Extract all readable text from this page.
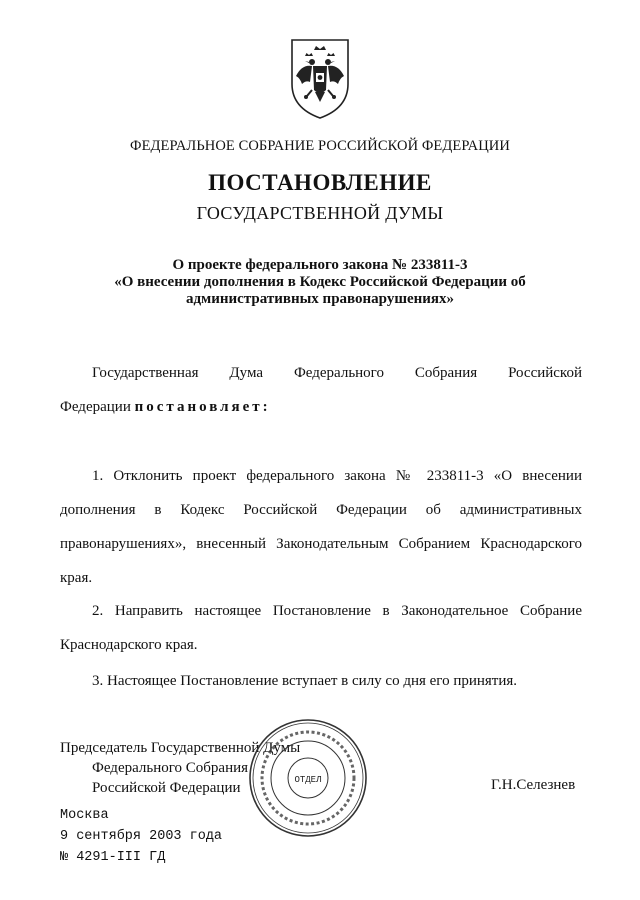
ФЕДЕРАЛЬНОЕ СОБРАНИЕ РОССИЙСКОЙ ФЕДЕРАЦИИ
ПОСТАНОВЛЕНИЕ
ГОСУДАРСТВЕННОЙ ДУМЫ
О проекте федерального закона № 233811-3
«О внесении дополнения в Кодекс Российской Федерации об
административных правонарушениях»
Государственная Дума Федерального Собрания Российской
Федерации постановляет:
1. Отклонить проект федерального закона № 233811-3 «О внесении
дополнения в Кодекс Российской Федерации об административных
правонарушениях», внесенный Законодательным Собранием Краснодарского
края.
2. Направить настоящее Постановление в Законодательное Собрание
Краснодарского края.
3. Настоящее Постановление вступает в силу со дня его принятия.
Председатель Государственной Думы
Федерального Собрания
Российской Федерации	Г.Н.Селезнев
Москва
9 сентября 2003 года
№ 4291-III ГД
ОТДЕЛ
